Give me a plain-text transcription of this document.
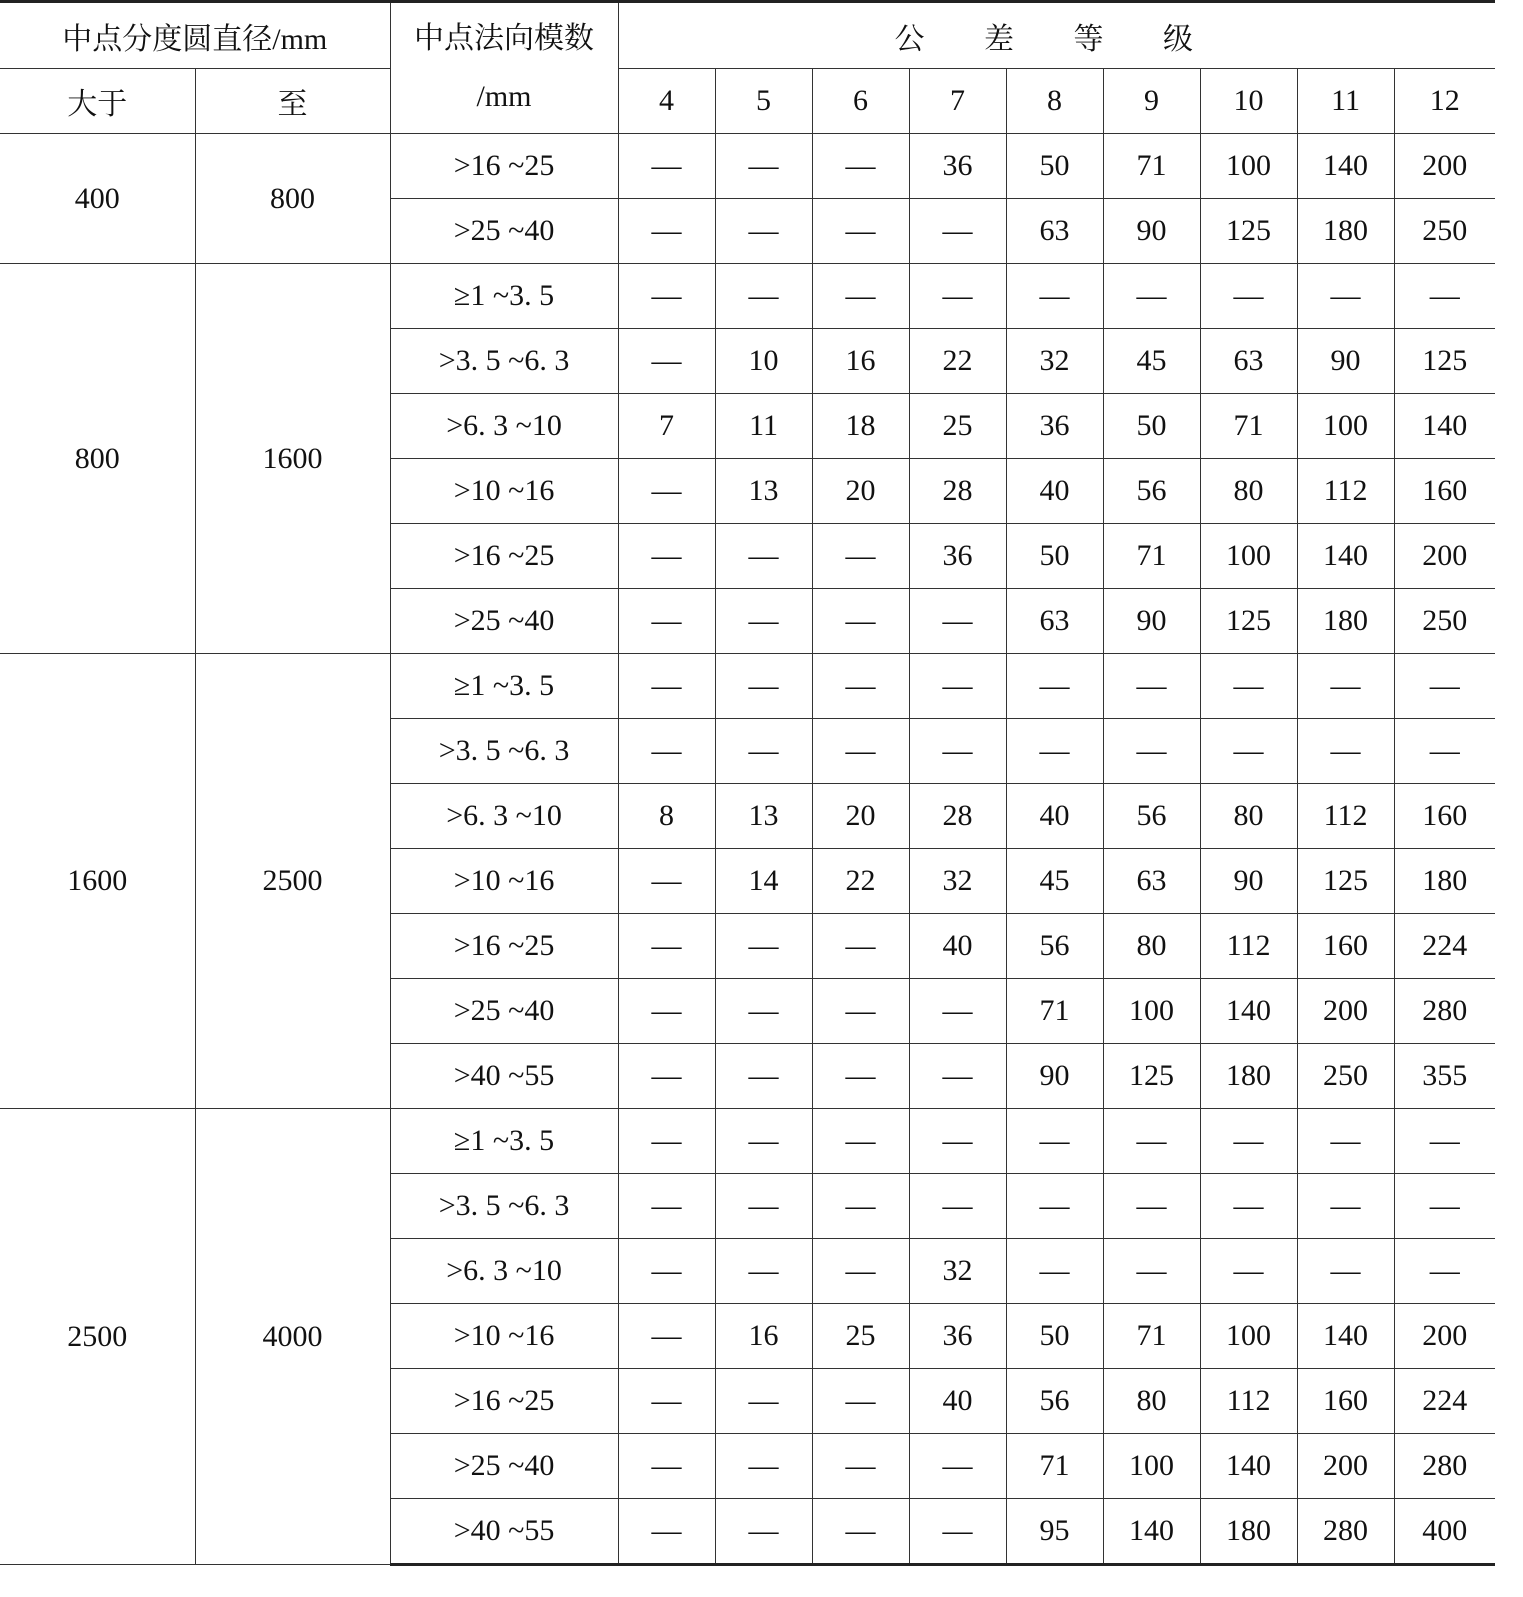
中点分度圆直径/mm		中点法向模数
/mm	公 差 等 级								
大于	至		4	5	6	7	8	9	10	11	12
400	800	>16 ~25	—	—	—	36	50	71	100	140	200
		>25 ~40	—	—	—	—	63	90	125	180	250
800	1600	≥1 ~3. 5	—	—	—	—	—	—	—	—	—
		>3. 5 ~6. 3	—	10	16	22	32	45	63	90	125
		>6. 3 ~10	7	11	18	25	36	50	71	100	140
		>10 ~16	—	13	20	28	40	56	80	112	160
		>16 ~25	—	—	—	36	50	71	100	140	200
		>25 ~40	—	—	—	—	63	90	125	180	250
1600	2500	≥1 ~3. 5	—	—	—	—	—	—	—	—	—
		>3. 5 ~6. 3	—	—	—	—	—	—	—	—	—
		>6. 3 ~10	8	13	20	28	40	56	80	112	160
		>10 ~16	—	14	22	32	45	63	90	125	180
		>16 ~25	—	—	—	40	56	80	112	160	224
		>25 ~40	—	—	—	—	71	100	140	200	280
		>40 ~55	—	—	—	—	90	125	180	250	355
2500	4000	≥1 ~3. 5	—	—	—	—	—	—	—	—	—
		>3. 5 ~6. 3	—	—	—	—	—	—	—	—	—
		>6. 3 ~10	—	—	—	32	—	—	—	—	—
		>10 ~16	—	16	25	36	50	71	100	140	200
		>16 ~25	—	—	—	40	56	80	112	160	224
		>25 ~40	—	—	—	—	71	100	140	200	280
		>40 ~55	—	—	—	—	95	140	180	280	400
